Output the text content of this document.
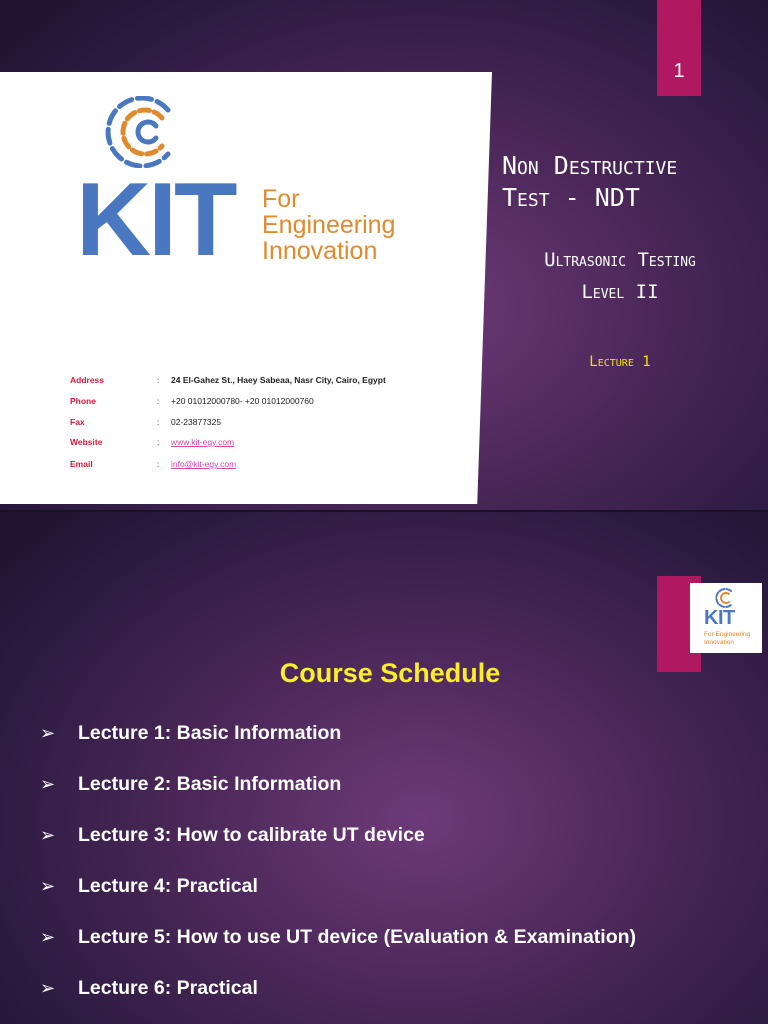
1
KIT For
Engineering
Innovation
Address	: 24 El-Gahez St., Haey Sabeaa, Nasr City, Cairo, Egypt
Phone	: +20 01012000780- +20 01012000760
Fax	: 02-23877325
Website	: www.kit-egy.com
Email	: info@kit-egy.com
Non Destructive
Test - NDT
Ultrasonic Testing
Level II
Lecture 1
KIT
For Engineering
Innovation
Course Schedule
➢	Lecture 1: Basic Information
➢	Lecture 2: Basic Information
➢	Lecture 3: How to calibrate UT device
➢	Lecture 4: Practical
➢	Lecture 5: How to use UT device (Evaluation & Examination)
➢	Lecture 6: Practical
